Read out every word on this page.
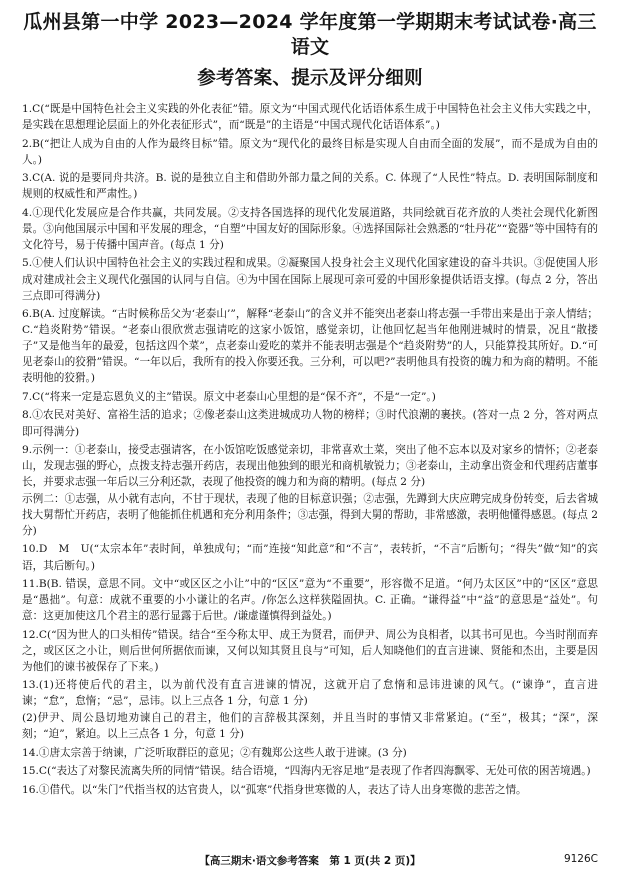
瓜州县第一中学 2023—2024 学年度第一学期期末考试试卷·高三语文
参考答案、提示及评分细则

1.C(“既是中国特色社会主义实践的外化表征”错。原文为“中国式现代化话语体系生成于中国特色社会主义伟大实践之中，是实践在思想理论层面上的外化表征形式”，而“既是”的主语是“中国式现代化话语体系”。)

2.B(“把让人成为自由的人作为最终目标”错。原文为“现代化的最终目标是实现人自由而全面的发展”，而不是成为自由的人。)

3.C(A. 说的是要同舟共济。B. 说的是独立自主和借助外部力量之间的关系。C. 体现了“人民性”特点。D. 表明国际制度和规则的权威性和严肃性。)

4.①现代化发展应是合作共赢，共同发展。②支持各国选择的现代化发展道路，共同绘就百花齐放的人类社会现代化新图景。③向他国展示中国和平发展的理念，“自塑”中国友好的国际形象。④选择国际社会熟悉的“牡丹花”“瓷器”等中国特有的文化符号，易于传播中国声音。(每点 1 分)

5.①使人们认识中国特色社会主义的实践过程和成果。②凝聚国人投身社会主义现代化国家建设的奋斗共识。③促使国人形成对建成社会主义现代化强国的认同与自信。④为中国在国际上展现可亲可爱的中国形象提供话语支撑。(每点 2 分，答出三点即可得满分)

6.B(A. 过度解读。“古时候称岳父为‘老泰山’”，解释“老泰山”的含义并不能突出老泰山将志强一手带出来是出于亲人情结；C.“趋炎附势”错误。“老泰山很欣赏志强请吃的这家小饭馆，感觉亲切，让他回忆起当年他刚进城时的情景，况且“散搂子”又是他当年的最爱，包括这四个菜”，点老泰山爱吃的菜并不能表明志强是个“趋炎附势”的人，只能算投其所好。D.“可见老泰山的狡猾”错误。“一年以后，我所有的投入你要还我。三分利，可以吧?”表明他具有投资的魄力和为商的精明。不能表明他的狡猾。)

7.C(“将来一定是忘恩负义的主”错误。原文中老泰山心里想的是“保不齐”，不是“一定”。)

8.①农民对美好、富裕生活的追求；②像老泰山这类进城成功人物的榜样；③时代浪潮的裹挟。(答对一点 2 分，答对两点即可得满分)

9.示例一：①老泰山，接受志强请客，在小饭馆吃饭感觉亲切，非常喜欢土菜，突出了他不忘本以及对家乡的情怀；②老泰山，发现志强的野心，点拨支持志强开药店，表现出他独到的眼光和商机敏锐力；③老泰山，主动拿出资金和代理药店董事长，并要求志强一年后以三分利还款，表现了他投资的魄力和为商的精明。(每点 2 分)

示例二：①志强，从小就有志向，不甘于现状，表现了他的目标意识强；②志强，先蹲到大庆应聘完成身份转变，后去省城找大舅帮忙开药店，表明了他能抓住机遇和充分利用条件；③志强，得到大舅的帮助，非常感激，表明他懂得感恩。(每点 2 分)

10.D　M　U(“太宗本年”表时间，单独成句；“而”连接“知此意”和“不言”，表转折，“不言”后断句；“得失”做“知”的宾语，其后断句。)

11.B(B. 错误，意思不同。文中“或区区之小让”中的“区区”意为“不重要”，形容微不足道。“何乃太区区”中的“区区”意思是“愚拙”。句意：成就不重要的小小谦让的名声。/你怎么这样狭隘固执。C. 正确。“谦得益”中“益”的意思是“益处”。句意：这更加使这几个君主的恶行显露于后世。/谦虚谨慎得到益处。)

12.C(“因为世人的口头相传”错误。结合“至今称太甲、成王为贤君，而伊尹、周公为良相者，以其书可见也。今当时削而弃之，或区区之小让，则后世何所据依而谏，又何以知其贤且良与”可知，后人知晓他们的直言进谏、贤能和杰出，主要是因为他们的谏书被保存了下来。)

13.(1)还将使后代的君主，以为前代没有直言进谏的情况，这就开启了怠惰和忌讳进谏的风气。(“谏诤”，直言进谏；“怠”，怠惰；“忌”，忌讳。以上三点各 1 分，句意 1 分)

(2)伊尹、周公恳切地劝谏自己的君主，他们的言辞极其深刻，并且当时的事情又非常紧迫。(“至”，极其；“深”，深刻；“迫”，紧迫。以上三点各 1 分，句意 1 分)

14.①唐太宗善于纳谏，广泛听取群臣的意见；②有魏郑公这些人敢于进谏。(3 分)

15.C(“表达了对黎民流离失所的同情”错误。结合语境，“四海内无容足地”是表现了作者四海飘零、无处可依的困苦境遇。)

16.①借代。以“朱门”代指当权的达官贵人，以“孤寒”代指身世寒微的人，表达了诗人出身寒微的悲苦之情。

【高三期末·语文参考答案　第 1 页(共 2 页)】	9126C
